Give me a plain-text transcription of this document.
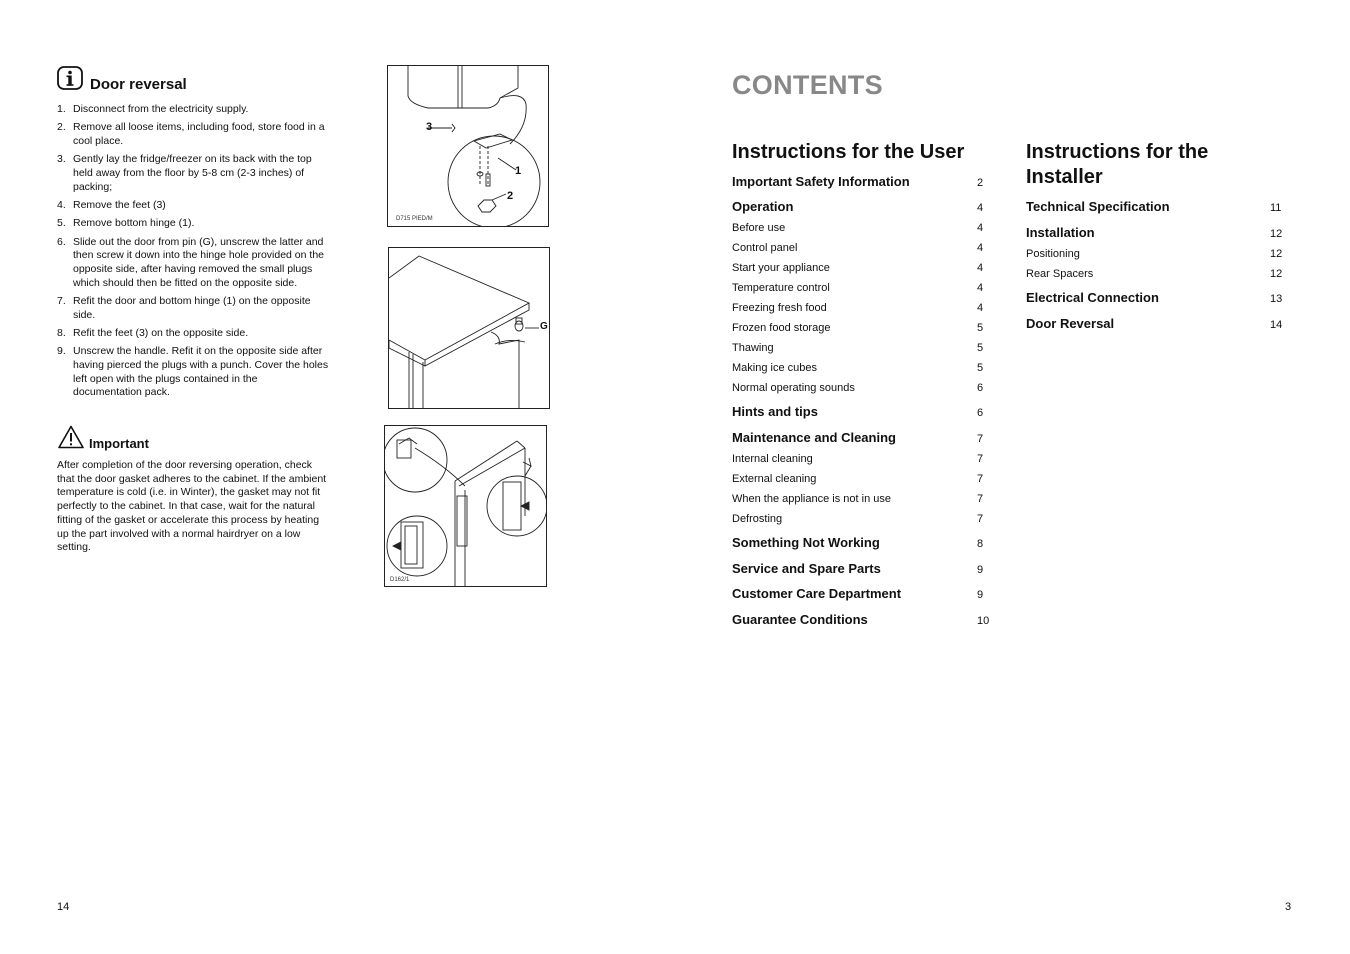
Door reversal
1. Disconnect from the electricity supply.
2. Remove all loose items, including food, store food in a cool place.
3. Gently lay the fridge/freezer on its back with the top held away from the floor by 5-8 cm (2-3 inches) of packing;
4. Remove the feet (3)
5. Remove bottom hinge (1).
6. Slide out the door from pin (G), unscrew the latter and then screw it down into the hinge hole provided on the opposite side, after having removed the small plugs which should then be fitted on the opposite side.
7. Refit the door and bottom hinge (1) on the opposite side.
8. Refit the feet (3) on the opposite side.
9. Unscrew the handle. Refit it on the opposite side after having pierced the plugs with a punch. Cover the holes left open with the plugs contained in the documentation pack.
Important

After completion of the door reversing operation, check that the door gasket adheres to the cabinet. If the ambient temperature is cold (i.e. in Winter), the gasket may not fit perfectly to the cabinet. In that case, wait for the natural fitting of the gasket or accelerate this process by heating up the part involved with a normal hairdryer on a low setting.

3
1
2
D715 PIED/M
G
D162/1
14
CONTENTS
Instructions for the User
Important Safety Information	2
Operation	4
Before use	4
Control panel	4
Start your appliance	4
Temperature control	4
Freezing fresh food	4
Frozen food storage	5
Thawing	5
Making ice cubes	5
Normal operating sounds	6
Hints and tips	6
Maintenance and Cleaning	7
Internal cleaning	7
External cleaning	7
When the appliance is not in use	7
Defrosting	7
Something Not Working	8
Service and Spare Parts	9
Customer Care Department	9
Guarantee Conditions	10
Instructions for the
Installer
Technical Specification	11
Installation	12
Positioning	12
Rear Spacers	12
Electrical Connection	13
Door Reversal	14
3
